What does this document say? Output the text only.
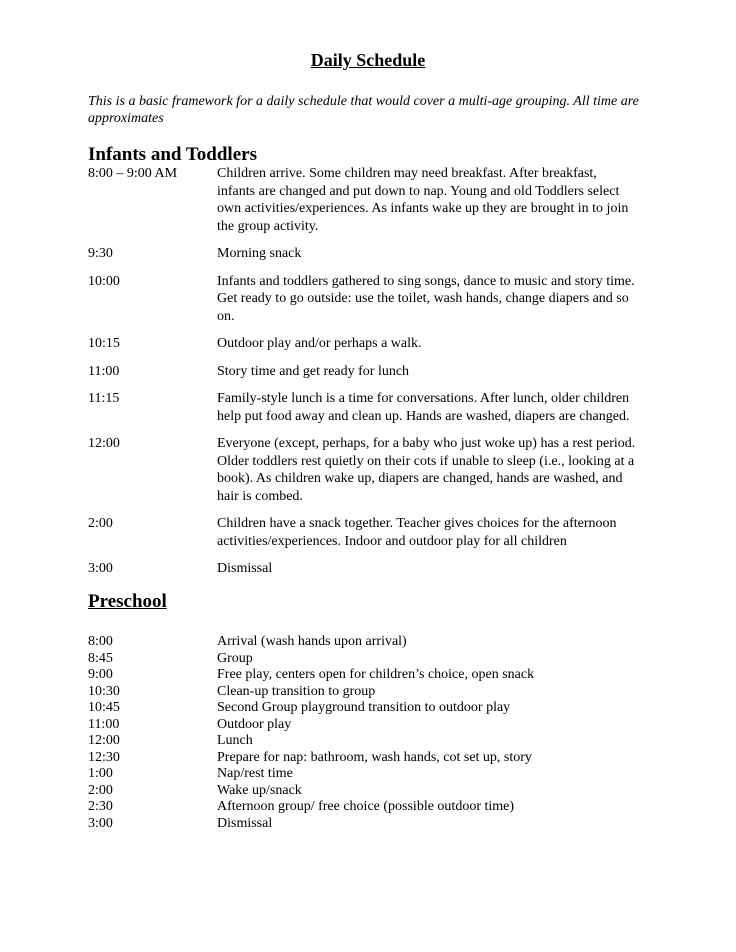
Daily Schedule
This is a basic framework for a daily schedule that would cover a multi-age grouping. All time are approximates
Infants and Toddlers
8:00 – 9:00 AM	Children arrive. Some children may need breakfast. After breakfast,
infants are changed and put down to nap. Young and old Toddlers select
own activities/experiences. As infants wake up they are brought in to join
the group activity.
9:30	Morning snack
10:00	Infants and toddlers gathered to sing songs, dance to music and story time.
Get ready to go outside: use the toilet, wash hands, change diapers and so
on.
10:15	Outdoor play and/or perhaps a walk.
11:00	Story time and get ready for lunch
11:15	Family-style lunch is a time for conversations. After lunch, older children
help put food away and clean up. Hands are washed, diapers are changed.
12:00	Everyone (except, perhaps, for a baby who just woke up) has a rest period.
Older toddlers rest quietly on their cots if unable to sleep (i.e., looking at a
book). As children wake up, diapers are changed, hands are washed, and
hair is combed.
2:00	Children have a snack together. Teacher gives choices for the afternoon
activities/experiences. Indoor and outdoor play for all children
3:00	Dismissal
Preschool
8:00	Arrival (wash hands upon arrival)
8:45	Group
9:00	Free play, centers open for children’s choice, open snack
10:30	Clean-up transition to group
10:45	Second Group playground transition to outdoor play
11:00	Outdoor play
12:00	Lunch
12:30	Prepare for nap: bathroom, wash hands, cot set up, story
1:00	Nap/rest time
2:00	Wake up/snack
2:30	Afternoon group/ free choice (possible outdoor time)
3:00	Dismissal
